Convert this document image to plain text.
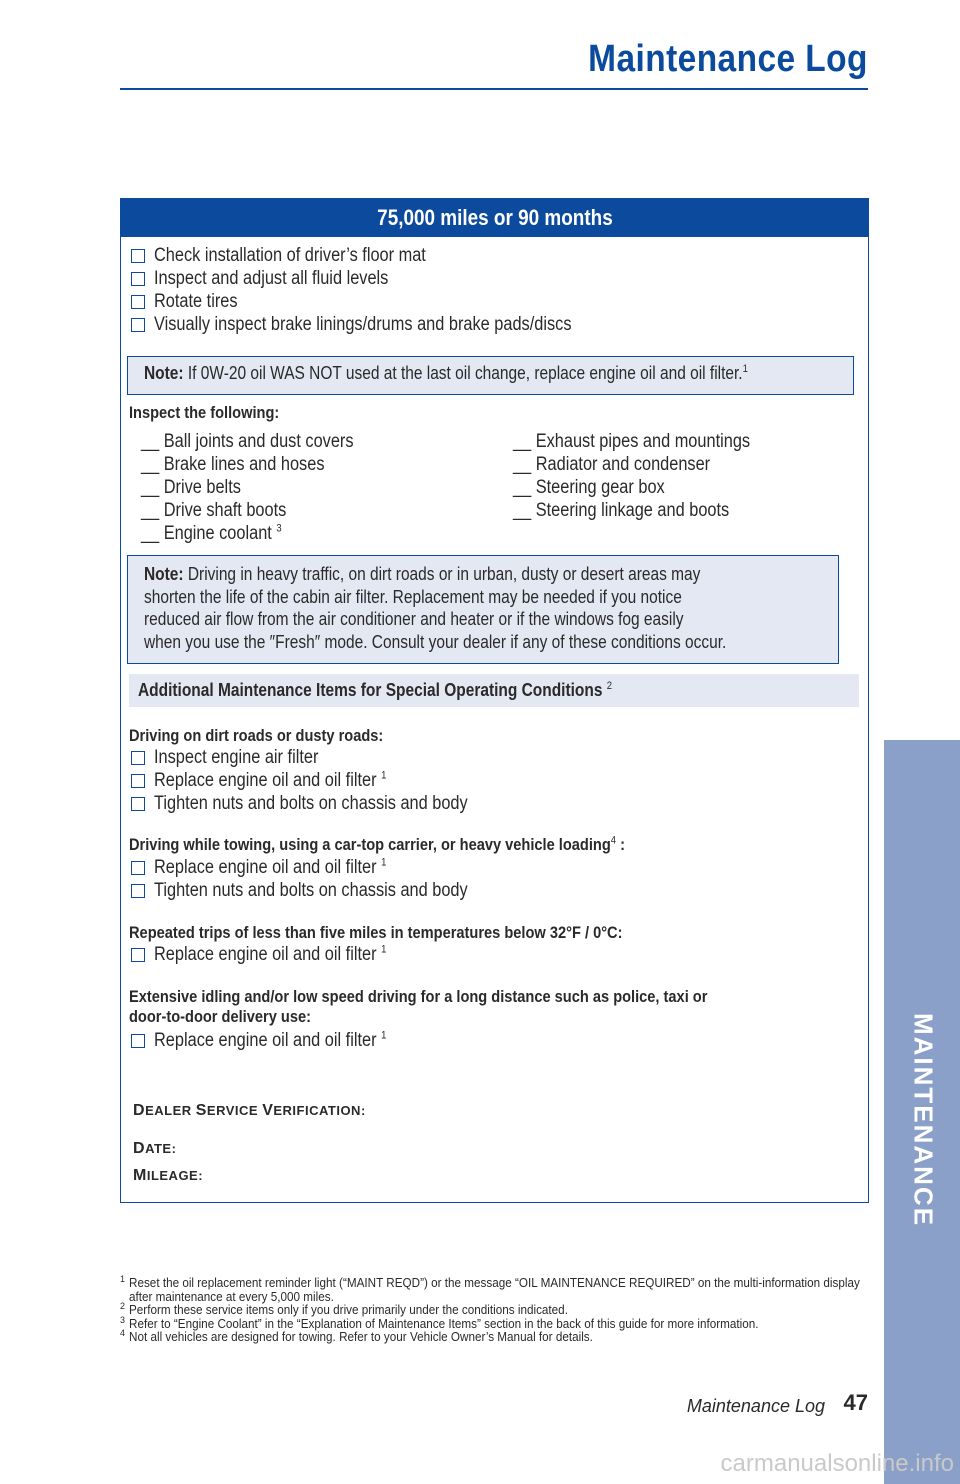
Maintenance Log
75,000 miles or 90 months
Check installation of driver’s floor mat
Inspect and adjust all fluid levels
Rotate tires
Visually inspect brake linings/drums and brake pads/discs
Note: If 0W-20 oil WAS NOT used at the last oil change, replace engine oil and oil filter.$^1$
Inspect the following:
__ Ball joints and dust covers
__ Brake lines and hoses
__ Drive belts
__ Drive shaft boots
__ Engine coolant $^3$
__ Exhaust pipes and mountings
__ Radiator and condenser
__ Steering gear box
__ Steering linkage and boots
Note: Driving in heavy traffic, on dirt roads or in urban, dusty or desert areas may shorten the life of the cabin air filter. Replacement may be needed if you notice reduced air flow from the air conditioner and heater or if the windows fog easily when you use the ″Fresh″ mode. Consult your dealer if any of these conditions occur.
Additional Maintenance Items for Special Operating Conditions $^2$
Driving on dirt roads or dusty roads:
Inspect engine air filter
Replace engine oil and oil filter $^1$
Tighten nuts and bolts on chassis and body
Driving while towing, using a car-top carrier, or heavy vehicle loading$^4$ :
Replace engine oil and oil filter $^1$
Tighten nuts and bolts on chassis and body
Repeated trips of less than five miles in temperatures below 32°F / 0°C:
Replace engine oil and oil filter $^1$
Extensive idling and/or low speed driving for a long distance such as police, taxi or
door-to-door delivery use:
Replace engine oil and oil filter $^1$
DEALER SERVICE VERIFICATION:
DATE:
MILEAGE:
1 Reset the oil replacement reminder light (“MAINT REQD”) or the message “OIL MAINTENANCE REQUIRED” on the multi-information display after maintenance at every 5,000 miles.
2 Perform these service items only if you drive primarily under the conditions indicated.
3 Refer to “Engine Coolant” in the “Explanation of Maintenance Items” section in the back of this guide for more information.
4 Not all vehicles are designed for towing. Refer to your Vehicle Owner’s Manual for details.
Maintenance Log 47
MAINTENANCE
carmanualsonline.info
